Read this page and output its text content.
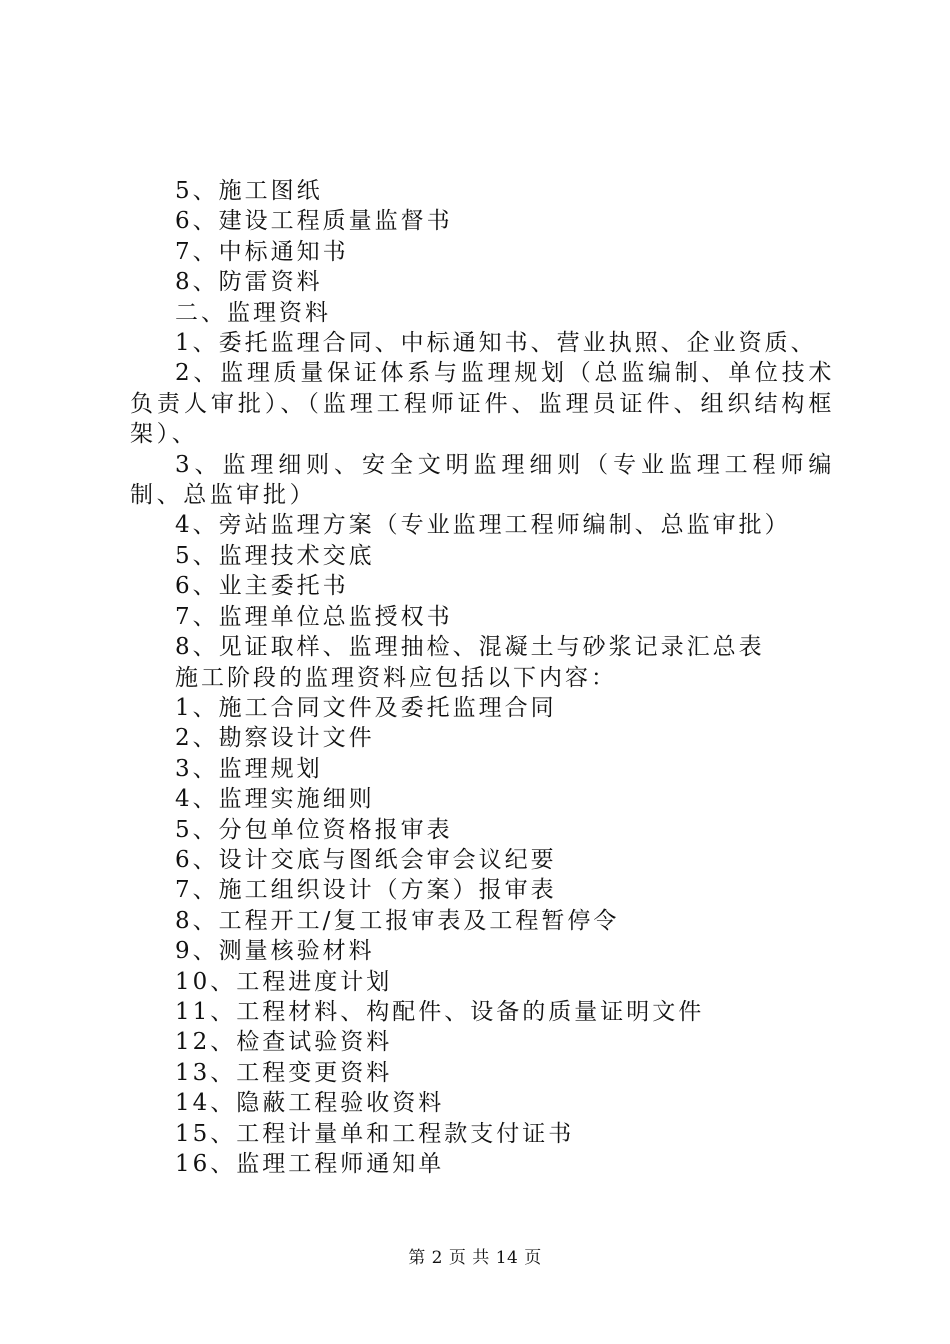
5、施工图纸

6、建设工程质量监督书

7、中标通知书

8、防雷资料

二、监理资料

1、委托监理合同、中标通知书、营业执照、企业资质、

2、监理质量保证体系与监理规划（总监编制、单位技术负责人审批）、（监理工程师证件、监理员证件、组织结构框架）、

3、监理细则、安全文明监理细则（专业监理工程师编制、总监审批）

4、旁站监理方案（专业监理工程师编制、总监审批）

5、监理技术交底

6、业主委托书

7、监理单位总监授权书

8、见证取样、监理抽检、混凝土与砂浆记录汇总表

施工阶段的监理资料应包括以下内容：

1、施工合同文件及委托监理合同

2、勘察设计文件

3、监理规划

4、监理实施细则

5、分包单位资格报审表

6、设计交底与图纸会审会议纪要

7、施工组织设计（方案）报审表

8、工程开工/复工报审表及工程暂停令

9、测量核验材料

10、工程进度计划

11、工程材料、构配件、设备的质量证明文件

12、检查试验资料

13、工程变更资料

14、隐蔽工程验收资料

15、工程计量单和工程款支付证书

16、监理工程师通知单

第 2 页 共 14 页
